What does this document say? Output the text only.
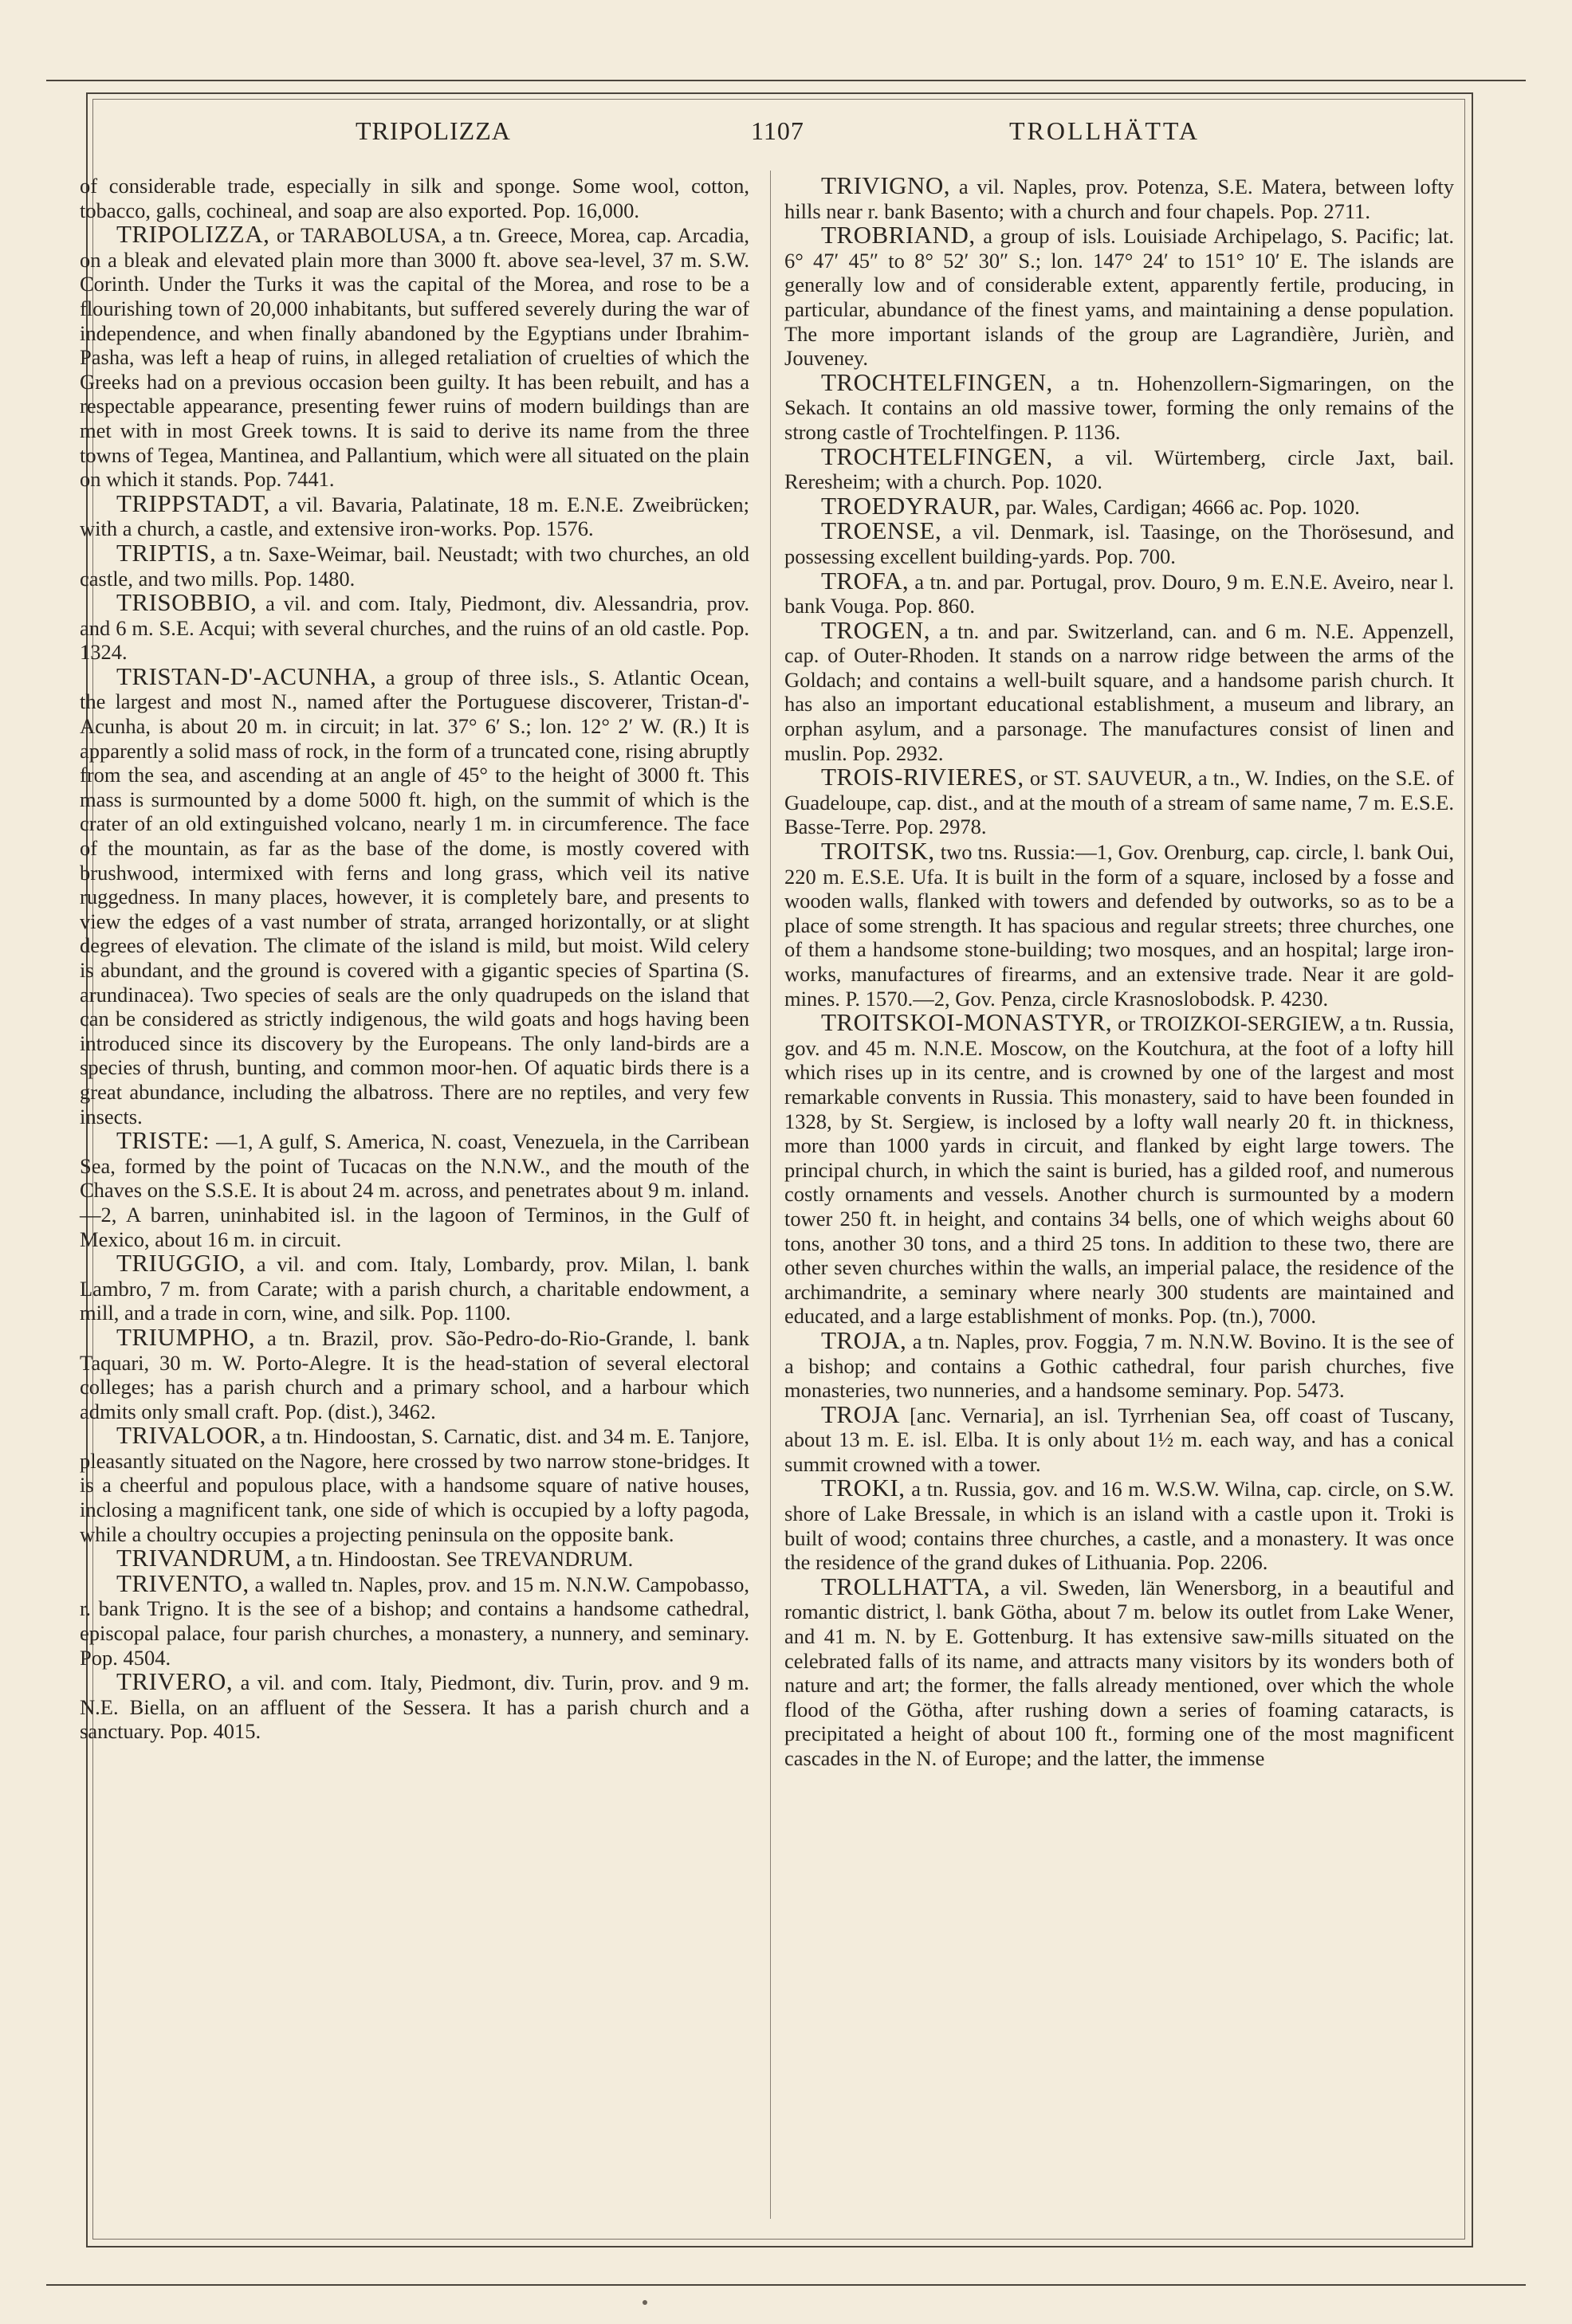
TRIPOLIZZA	1107	TROLLHÄTTA

of considerable trade, especially in silk and sponge. Some wool, cotton, tobacco, galls, cochineal, and soap are also exported. Pop. 16,000.

TRIPOLIZZA, or TARABOLUSA, a tn. Greece, Morea, cap. Arcadia, on a bleak and elevated plain more than 3000 ft. above sea-level, 37 m. S.W. Corinth. Under the Turks it was the capital of the Morea, and rose to be a flourishing town of 20,000 inhabitants, but suffered severely during the war of independence, and when finally abandoned by the Egyptians under Ibrahim-Pasha, was left a heap of ruins, in alleged retaliation of cruelties of which the Greeks had on a previous occasion been guilty. It has been rebuilt, and has a respectable appearance, presenting fewer ruins of modern buildings than are met with in most Greek towns. It is said to derive its name from the three towns of Tegea, Mantinea, and Pallantium, which were all situated on the plain on which it stands. Pop. 7441.

TRIPPSTADT, a vil. Bavaria, Palatinate, 18 m. E.N.E. Zweibrücken; with a church, a castle, and extensive iron-works. Pop. 1576.

TRIPTIS, a tn. Saxe-Weimar, bail. Neustadt; with two churches, an old castle, and two mills. Pop. 1480.

TRISOBBIO, a vil. and com. Italy, Piedmont, div. Alessandria, prov. and 6 m. S.E. Acqui; with several churches, and the ruins of an old castle. Pop. 1324.

TRISTAN-D'-ACUNHA, a group of three isls., S. Atlantic Ocean, the largest and most N., named after the Portuguese discoverer, Tristan-d'-Acunha, is about 20 m. in circuit; in lat. 37° 6′ S.; lon. 12° 2′ W. (R.) It is apparently a solid mass of rock, in the form of a truncated cone, rising abruptly from the sea, and ascending at an angle of 45° to the height of 3000 ft. This mass is surmounted by a dome 5000 ft. high, on the summit of which is the crater of an old extinguished volcano, nearly 1 m. in circumference. The face of the mountain, as far as the base of the dome, is mostly covered with brushwood, intermixed with ferns and long grass, which veil its native ruggedness. In many places, however, it is completely bare, and presents to view the edges of a vast number of strata, arranged horizontally, or at slight degrees of elevation. The climate of the island is mild, but moist. Wild celery is abundant, and the ground is covered with a gigantic species of Spartina (S. arundinacea). Two species of seals are the only quadrupeds on the island that can be considered as strictly indigenous, the wild goats and hogs having been introduced since its discovery by the Europeans. The only land-birds are a species of thrush, bunting, and common moor-hen. Of aquatic birds there is a great abundance, including the albatross. There are no reptiles, and very few insects.

TRISTE: —1, A gulf, S. America, N. coast, Venezuela, in the Carribean Sea, formed by the point of Tucacas on the N.N.W., and the mouth of the Chaves on the S.S.E. It is about 24 m. across, and penetrates about 9 m. inland.—2, A barren, uninhabited isl. in the lagoon of Terminos, in the Gulf of Mexico, about 16 m. in circuit.

TRIUGGIO, a vil. and com. Italy, Lombardy, prov. Milan, l. bank Lambro, 7 m. from Carate; with a parish church, a charitable endowment, a mill, and a trade in corn, wine, and silk. Pop. 1100.

TRIUMPHO, a tn. Brazil, prov. São-Pedro-do-Rio-Grande, l. bank Taquari, 30 m. W. Porto-Alegre. It is the head-station of several electoral colleges; has a parish church and a primary school, and a harbour which admits only small craft. Pop. (dist.), 3462.

TRIVALOOR, a tn. Hindoostan, S. Carnatic, dist. and 34 m. E. Tanjore, pleasantly situated on the Nagore, here crossed by two narrow stone-bridges. It is a cheerful and populous place, with a handsome square of native houses, inclosing a magnificent tank, one side of which is occupied by a lofty pagoda, while a choultry occupies a projecting peninsula on the opposite bank.

TRIVANDRUM, a tn. Hindoostan. See TREVANDRUM.

TRIVENTO, a walled tn. Naples, prov. and 15 m. N.N.W. Campobasso, r. bank Trigno. It is the see of a bishop; and contains a handsome cathedral, episcopal palace, four parish churches, a monastery, a nunnery, and seminary. Pop. 4504.

TRIVERO, a vil. and com. Italy, Piedmont, div. Turin, prov. and 9 m. N.E. Biella, on an affluent of the Sessera. It has a parish church and a sanctuary. Pop. 4015.

TRIVIGNO, a vil. Naples, prov. Potenza, S.E. Matera, between lofty hills near r. bank Basento; with a church and four chapels. Pop. 2711.

TROBRIAND, a group of isls. Louisiade Archipelago, S. Pacific; lat. 6° 47′ 45″ to 8° 52′ 30″ S.; lon. 147° 24′ to 151° 10′ E. The islands are generally low and of considerable extent, apparently fertile, producing, in particular, abundance of the finest yams, and maintaining a dense population. The more important islands of the group are Lagrandière, Jurièn, and Jouveney.

TROCHTELFINGEN, a tn. Hohenzollern-Sigmaringen, on the Sekach. It contains an old massive tower, forming the only remains of the strong castle of Trochtelfingen. P. 1136.

TROCHTELFINGEN, a vil. Würtemberg, circle Jaxt, bail. Reresheim; with a church. Pop. 1020.

TROEDYRAUR, par. Wales, Cardigan; 4666 ac. Pop. 1020.

TROENSE, a vil. Denmark, isl. Taasinge, on the Thorösesund, and possessing excellent building-yards. Pop. 700.

TROFA, a tn. and par. Portugal, prov. Douro, 9 m. E.N.E. Aveiro, near l. bank Vouga. Pop. 860.

TROGEN, a tn. and par. Switzerland, can. and 6 m. N.E. Appenzell, cap. of Outer-Rhoden. It stands on a narrow ridge between the arms of the Goldach; and contains a well-built square, and a handsome parish church. It has also an important educational establishment, a museum and library, an orphan asylum, and a parsonage. The manufactures consist of linen and muslin. Pop. 2932.

TROIS-RIVIERES, or ST. SAUVEUR, a tn., W. Indies, on the S.E. of Guadeloupe, cap. dist., and at the mouth of a stream of same name, 7 m. E.S.E. Basse-Terre. Pop. 2978.

TROITSK, two tns. Russia:—1, Gov. Orenburg, cap. circle, l. bank Oui, 220 m. E.S.E. Ufa. It is built in the form of a square, inclosed by a fosse and wooden walls, flanked with towers and defended by outworks, so as to be a place of some strength. It has spacious and regular streets; three churches, one of them a handsome stone-building; two mosques, and an hospital; large iron-works, manufactures of firearms, and an extensive trade. Near it are gold-mines. P. 1570.—2, Gov. Penza, circle Krasnoslobodsk. P. 4230.

TROITSKOI-MONASTYR, or TROIZKOI-SERGIEW, a tn. Russia, gov. and 45 m. N.N.E. Moscow, on the Koutchura, at the foot of a lofty hill which rises up in its centre, and is crowned by one of the largest and most remarkable convents in Russia. This monastery, said to have been founded in 1328, by St. Sergiew, is inclosed by a lofty wall nearly 20 ft. in thickness, more than 1000 yards in circuit, and flanked by eight large towers. The principal church, in which the saint is buried, has a gilded roof, and numerous costly ornaments and vessels. Another church is surmounted by a modern tower 250 ft. in height, and contains 34 bells, one of which weighs about 60 tons, another 30 tons, and a third 25 tons. In addition to these two, there are other seven churches within the walls, an imperial palace, the residence of the archimandrite, a seminary where nearly 300 students are maintained and educated, and a large establishment of monks. Pop. (tn.), 7000.

TROJA, a tn. Naples, prov. Foggia, 7 m. N.N.W. Bovino. It is the see of a bishop; and contains a Gothic cathedral, four parish churches, five monasteries, two nunneries, and a handsome seminary. Pop. 5473.

TROJA [anc. Vernaria], an isl. Tyrrhenian Sea, off coast of Tuscany, about 13 m. E. isl. Elba. It is only about 1½ m. each way, and has a conical summit crowned with a tower.

TROKI, a tn. Russia, gov. and 16 m. W.S.W. Wilna, cap. circle, on S.W. shore of Lake Bressale, in which is an island with a castle upon it. Troki is built of wood; contains three churches, a castle, and a monastery. It was once the residence of the grand dukes of Lithuania. Pop. 2206.

TROLLHATTA, a vil. Sweden, län Wenersborg, in a beautiful and romantic district, l. bank Götha, about 7 m. below its outlet from Lake Wener, and 41 m. N. by E. Gottenburg. It has extensive saw-mills situated on the celebrated falls of its name, and attracts many visitors by its wonders both of nature and art; the former, the falls already mentioned, over which the whole flood of the Götha, after rushing down a series of foaming cataracts, is precipitated a height of about 100 ft., forming one of the most magnificent cascades in the N. of Europe; and the latter, the immense
